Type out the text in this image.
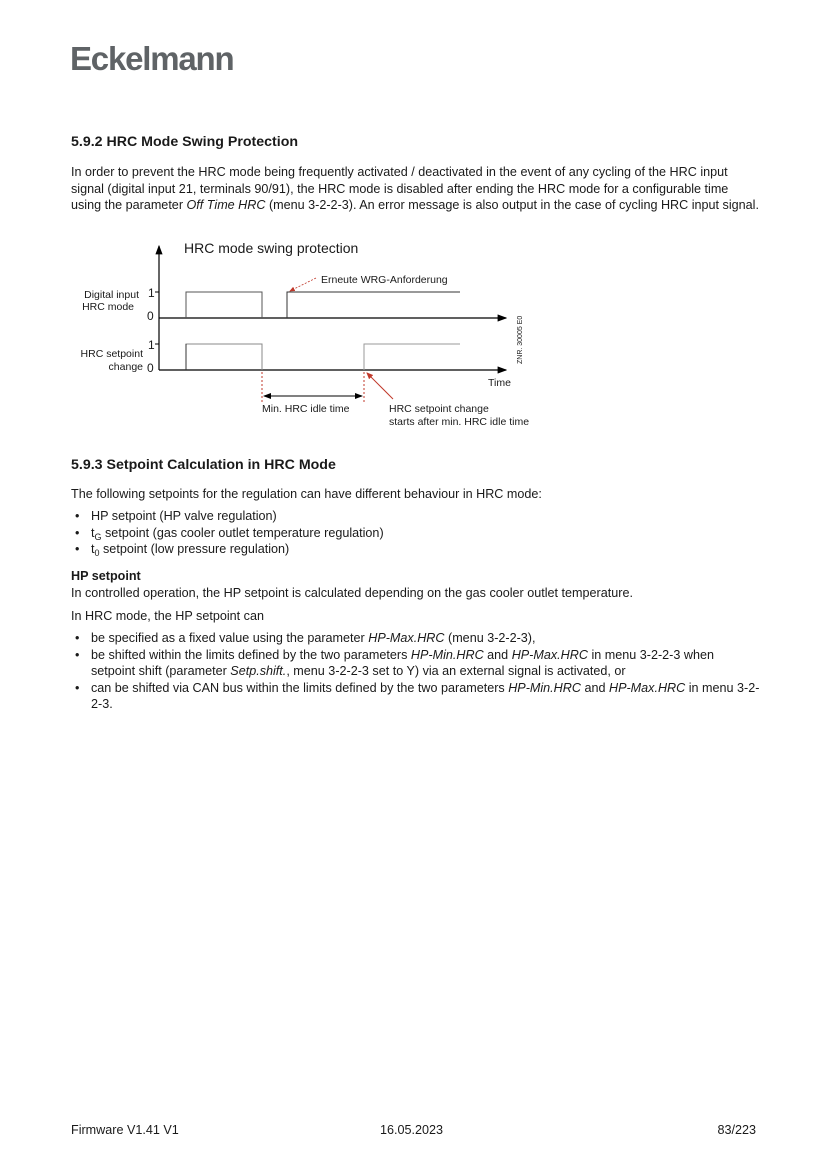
Eckelmann
5.9.2 HRC Mode Swing Protection
In order to prevent the HRC mode being frequently activated / deactivated in the event of any cycling of the HRC input signal (digital input 21, terminals 90/91), the HRC mode is disabled after ending the HRC mode for a configurable time using the parameter Off Time HRC (menu 3-2-2-3). An error message is also output in the case of cycling HRC input signal.
HRC mode swing protection
Digital input
HRC mode
1
0
HRC setpoint
change
1
0
Erneute WRG-Anforderung
Time
Min. HRC idle time	HRC setpoint change
starts after min. HRC idle time
ZNR. 30005 E0
5.9.3 Setpoint Calculation in HRC Mode
The following setpoints for the regulation can have different behaviour in HRC mode:
• HP setpoint (HP valve regulation)
• $t_G$ setpoint (gas cooler outlet temperature regulation)
• $t_0$ setpoint (low pressure regulation)
HP setpoint
In controlled operation, the HP setpoint is calculated depending on the gas cooler outlet temperature.
In HRC mode, the HP setpoint can
• be specified as a fixed value using the parameter HP-Max.HRC (menu 3-2-2-3),
• be shifted within the limits defined by the two parameters HP-Min.HRC and HP-Max.HRC in menu 3-2-2-3 when setpoint shift (parameter Setp.shift., menu 3-2-2-3 set to Y) via an external signal is activated, or
• can be shifted via CAN bus within the limits defined by the two parameters HP-Min.HRC and HP-Max.HRC in menu 3-2-2-3.
Firmware V1.41 V1	16.05.2023	83/223
